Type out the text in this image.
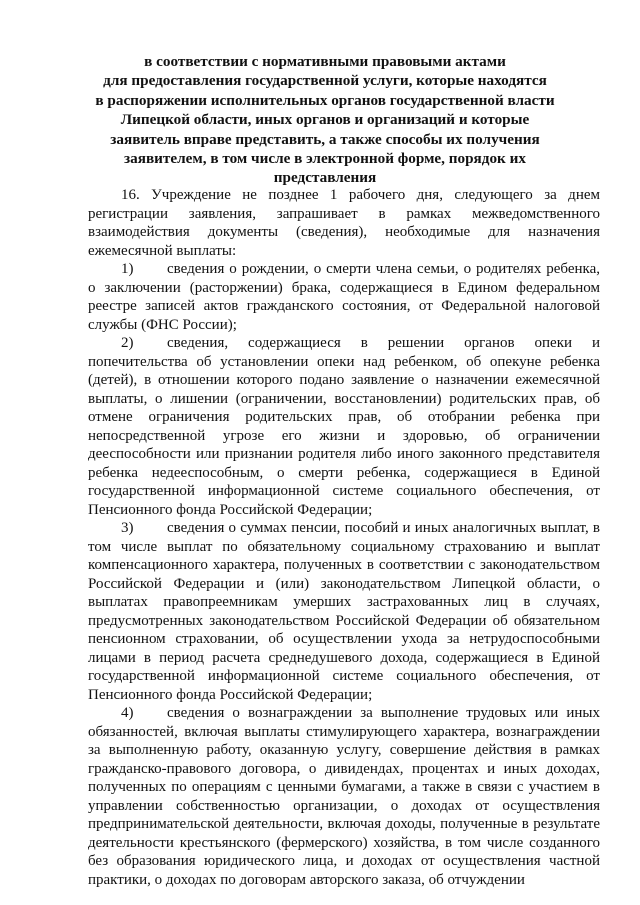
в соответствии с нормативными правовыми актами
для предоставления государственной услуги, которые находятся
в распоряжении исполнительных органов государственной власти
Липецкой области, иных органов и организаций и которые
заявитель вправе представить, а также способы их получения
заявителем, в том числе в электронной форме, порядок их
представления

16. Учреждение не позднее 1 рабочего дня, следующего за днем регистрации заявления, запрашивает в рамках межведомственного взаимодействия документы (сведения), необходимые для назначения ежемесячной выплаты:

1) сведения о рождении, о смерти члена семьи, о родителях ребенка, о заключении (расторжении) брака, содержащиеся в Едином федеральном реестре записей актов гражданского состояния, от Федеральной налоговой службы (ФНС России);

2) сведения, содержащиеся в решении органов опеки и попечительства об установлении опеки над ребенком, об опекуне ребенка (детей), в отношении которого подано заявление о назначении ежемесячной выплаты, о лишении (ограничении, восстановлении) родительских прав, об отмене ограничения родительских прав, об отобрании ребенка при непосредственной угрозе его жизни и здоровью, об ограничении дееспособности или признании родителя либо иного законного представителя ребенка недееспособным, о смерти ребенка, содержащиеся в Единой государственной информационной системе социального обеспечения, от Пенсионного фонда Российской Федерации;

3) сведения о суммах пенсии, пособий и иных аналогичных выплат, в том числе выплат по обязательному социальному страхованию и выплат компенсационного характера, полученных в соответствии с законодательством Российской Федерации и (или) законодательством Липецкой области, о выплатах правопреемникам умерших застрахованных лиц в случаях, предусмотренных законодательством Российской Федерации об обязательном пенсионном страховании, об осуществлении ухода за нетрудоспособными лицами в период расчета среднедушевого дохода, содержащиеся в Единой государственной информационной системе социального обеспечения, от Пенсионного фонда Российской Федерации;

4) сведения о вознаграждении за выполнение трудовых или иных обязанностей, включая выплаты стимулирующего характера, вознаграждении за выполненную работу, оказанную услугу, совершение действия в рамках гражданско-правового договора, о дивидендах, процентах и иных доходах, полученных по операциям с ценными бумагами, а также в связи с участием в управлении собственностью организации, о доходах от осуществления предпринимательской деятельности, включая доходы, полученные в результате деятельности крестьянского (фермерского) хозяйства, в том числе созданного без образования юридического лица, и доходах от осуществления частной практики, о доходах по договорам авторского заказа, об отчуждении
